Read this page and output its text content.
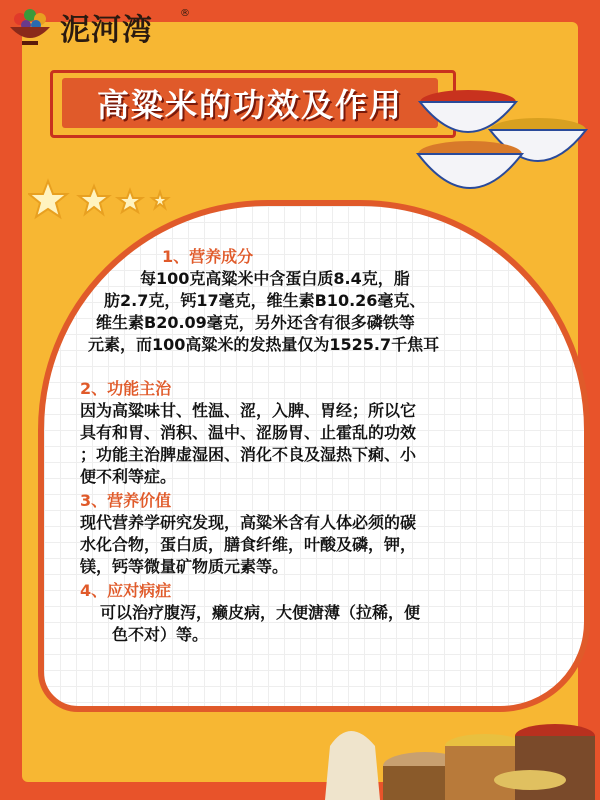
泥河湾	®
高粱米的功效及作用
1、营养成分
每100克高粱米中含蛋白质8.4克，脂
肪2.7克，钙17毫克，维生素B10.26毫克、
维生素B20.09毫克，另外还含有很多磷铁等
元素，而100高粱米的发热量仅为1525.7千焦耳
2、功能主治
因为高粱味甘、性温、涩，入脾、胃经；所以它
具有和胃、消积、温中、涩肠胃、止霍乱的功效
；功能主治脾虚湿困、消化不良及湿热下痢、小
便不利等症。
3、营养价值
现代营养学研究发现，高粱米含有人体必须的碳
水化合物，蛋白质，膳食纤维，叶酸及磷，钾，
镁，钙等微量矿物质元素等。
4、应对病症
可以治疗腹泻，癞皮病，大便溏薄（拉稀，便
色不对）等。
